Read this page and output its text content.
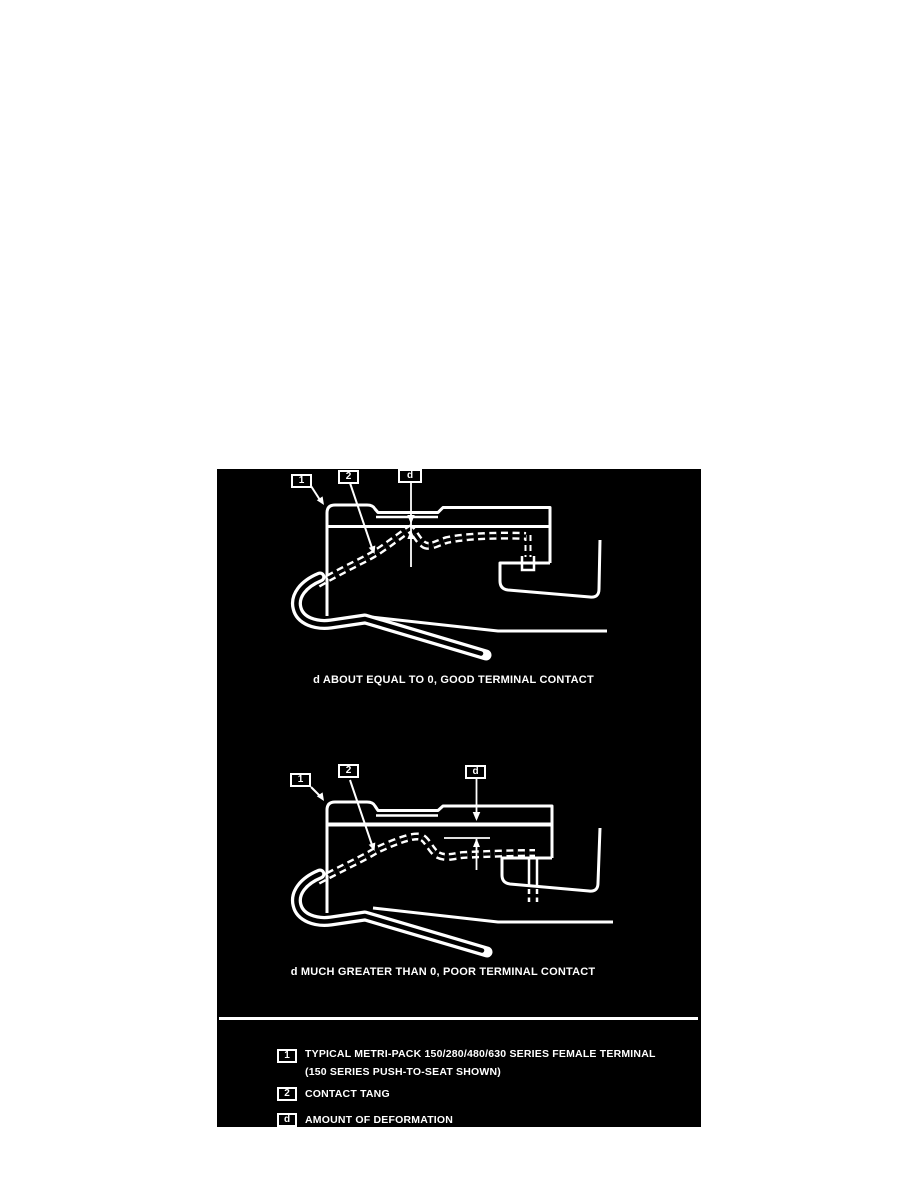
1	2	d
d ABOUT EQUAL TO 0, GOOD TERMINAL CONTACT
1
2	d
d MUCH GREATER THAN 0, POOR TERMINAL CONTACT
1 TYPICAL METRI-PACK 150/280/480/630 SERIES FEMALE TERMINAL
(150 SERIES PUSH-TO-SEAT SHOWN)
2 CONTACT TANG
d AMOUNT OF DEFORMATION
